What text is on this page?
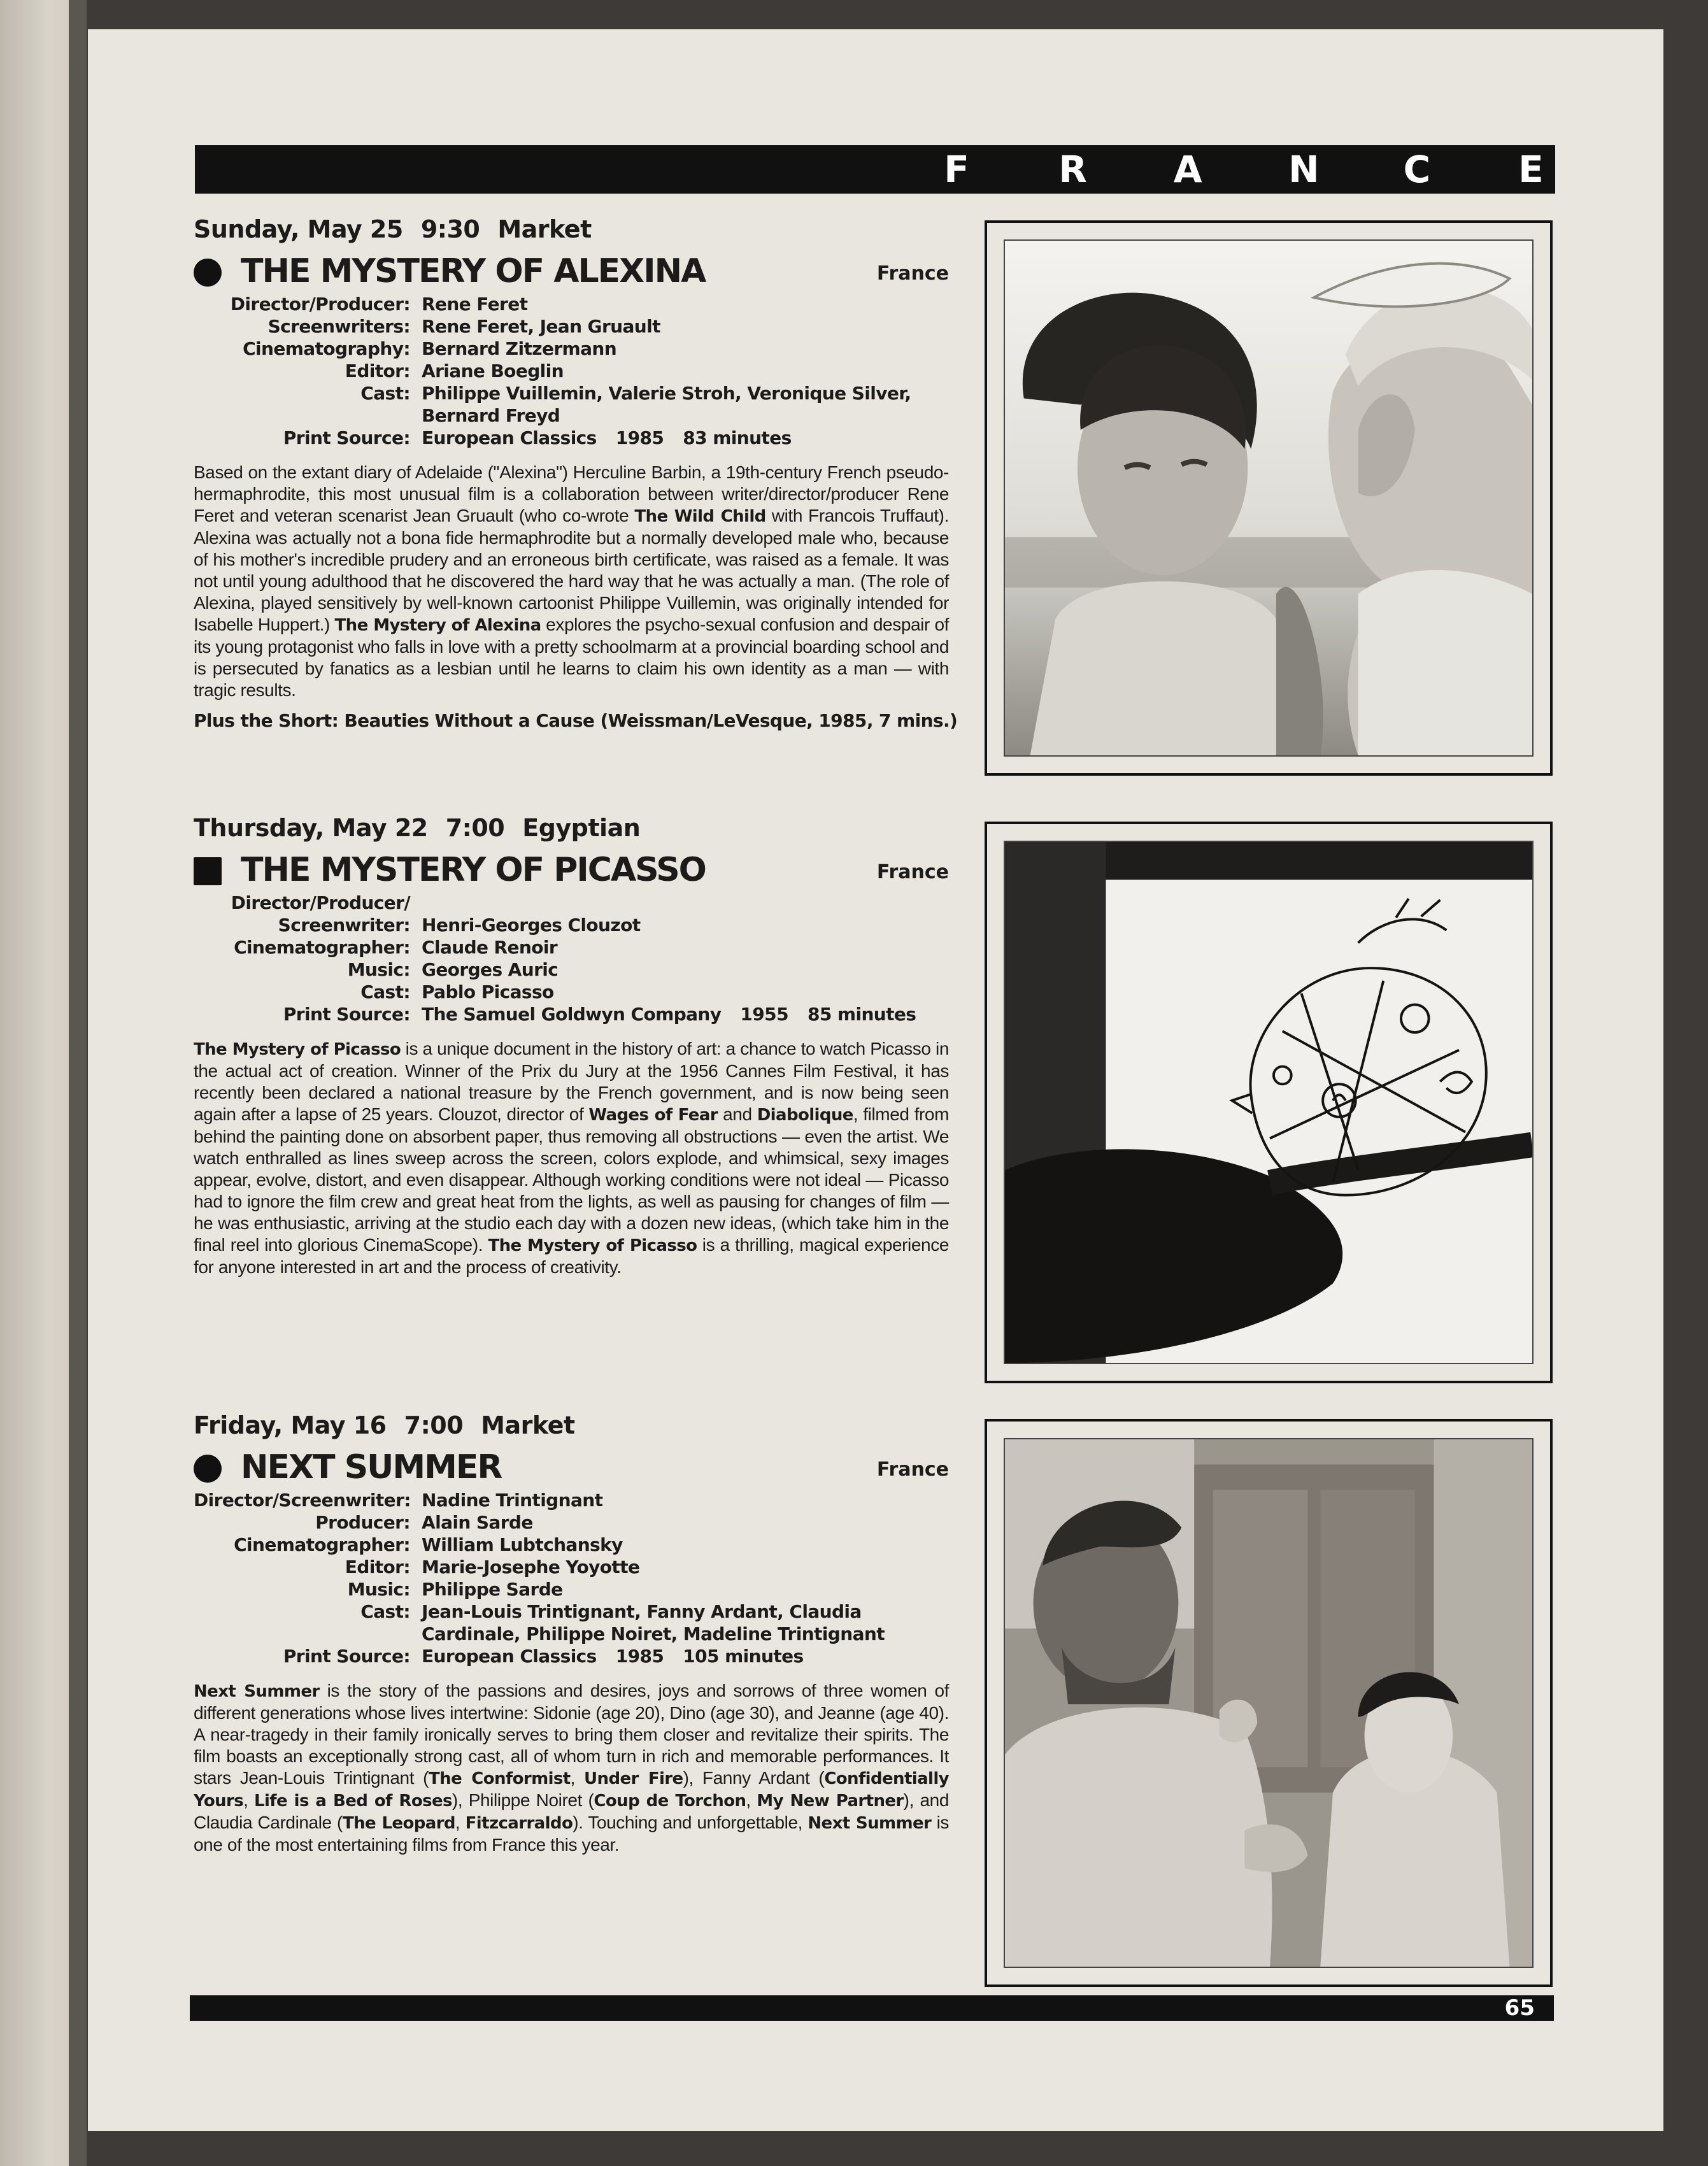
F R A N C E
Sunday, May 25 9:30 Market
THE MYSTERY OF ALEXINA	France
Director/Producer: Rene Feret
Screenwriters: Rene Feret, Jean Gruault
Cinematography: Bernard Zitzermann
Editor: Ariane Boeglin
Cast: Philippe Vuillemin, Valerie Stroh, Veronique Silver, Bernard Freyd
Print Source: European Classics 1985 83 minutes
Based on the extant diary of Adelaide ("Alexina") Herculine Barbin, a 19th-century French pseudo-hermaphrodite, this most unusual film is a collaboration between writer/director/producer Rene Feret and veteran scenarist Jean Gruault (who co-wrote The Wild Child with Francois Truffaut). Alexina was actually not a bona fide hermaphrodite but a normally developed male who, because of his mother's incredible prudery and an erroneous birth certificate, was raised as a female. It was not until young adulthood that he discovered the hard way that he was actually a man. (The role of Alexina, played sensitively by well-known cartoonist Philippe Vuillemin, was originally intended for Isabelle Huppert.) The Mystery of Alexina explores the psycho-sexual confusion and despair of its young protagonist who falls in love with a pretty schoolmarm at a provincial boarding school and is persecuted by fanatics as a lesbian until he learns to claim his own identity as a man — with tragic results.
Plus the Short: Beauties Without a Cause (Weissman/LeVesque, 1985, 7 mins.)
Thursday, May 22 7:00 Egyptian
THE MYSTERY OF PICASSO	France
Director/Producer/
Screenwriter: Henri-Georges Clouzot
Cinematographer: Claude Renoir
Music: Georges Auric
Cast: Pablo Picasso
Print Source: The Samuel Goldwyn Company 1955 85 minutes
The Mystery of Picasso is a unique document in the history of art: a chance to watch Picasso in the actual act of creation. Winner of the Prix du Jury at the 1956 Cannes Film Festival, it has recently been declared a national treasure by the French government, and is now being seen again after a lapse of 25 years. Clouzot, director of Wages of Fear and Diabolique, filmed from behind the painting done on absorbent paper, thus removing all obstructions — even the artist. We watch enthralled as lines sweep across the screen, colors explode, and whimsical, sexy images appear, evolve, distort, and even disappear. Although working conditions were not ideal — Picasso had to ignore the film crew and great heat from the lights, as well as pausing for changes of film — he was enthusiastic, arriving at the studio each day with a dozen new ideas, (which take him in the final reel into glorious CinemaScope). The Mystery of Picasso is a thrilling, magical experience for anyone interested in art and the process of creativity.
Friday, May 16 7:00 Market
NEXT SUMMER	France
Director/Screenwriter: Nadine Trintignant
Producer: Alain Sarde
Cinematographer: William Lubtchansky
Editor: Marie-Josephe Yoyotte
Music: Philippe Sarde
Cast: Jean-Louis Trintignant, Fanny Ardant, Claudia Cardinale, Philippe Noiret, Madeline Trintignant
Print Source: European Classics 1985 105 minutes
Next Summer is the story of the passions and desires, joys and sorrows of three women of different generations whose lives intertwine: Sidonie (age 20), Dino (age 30), and Jeanne (age 40). A near-tragedy in their family ironically serves to bring them closer and revitalize their spirits. The film boasts an exceptionally strong cast, all of whom turn in rich and memorable performances. It stars Jean-Louis Trintignant (The Conformist, Under Fire), Fanny Ardant (Confidentially Yours, Life is a Bed of Roses), Philippe Noiret (Coup de Torchon, My New Partner), and Claudia Cardinale (The Leopard, Fitzcarraldo). Touching and unforgettable, Next Summer is one of the most entertaining films from France this year.
65
